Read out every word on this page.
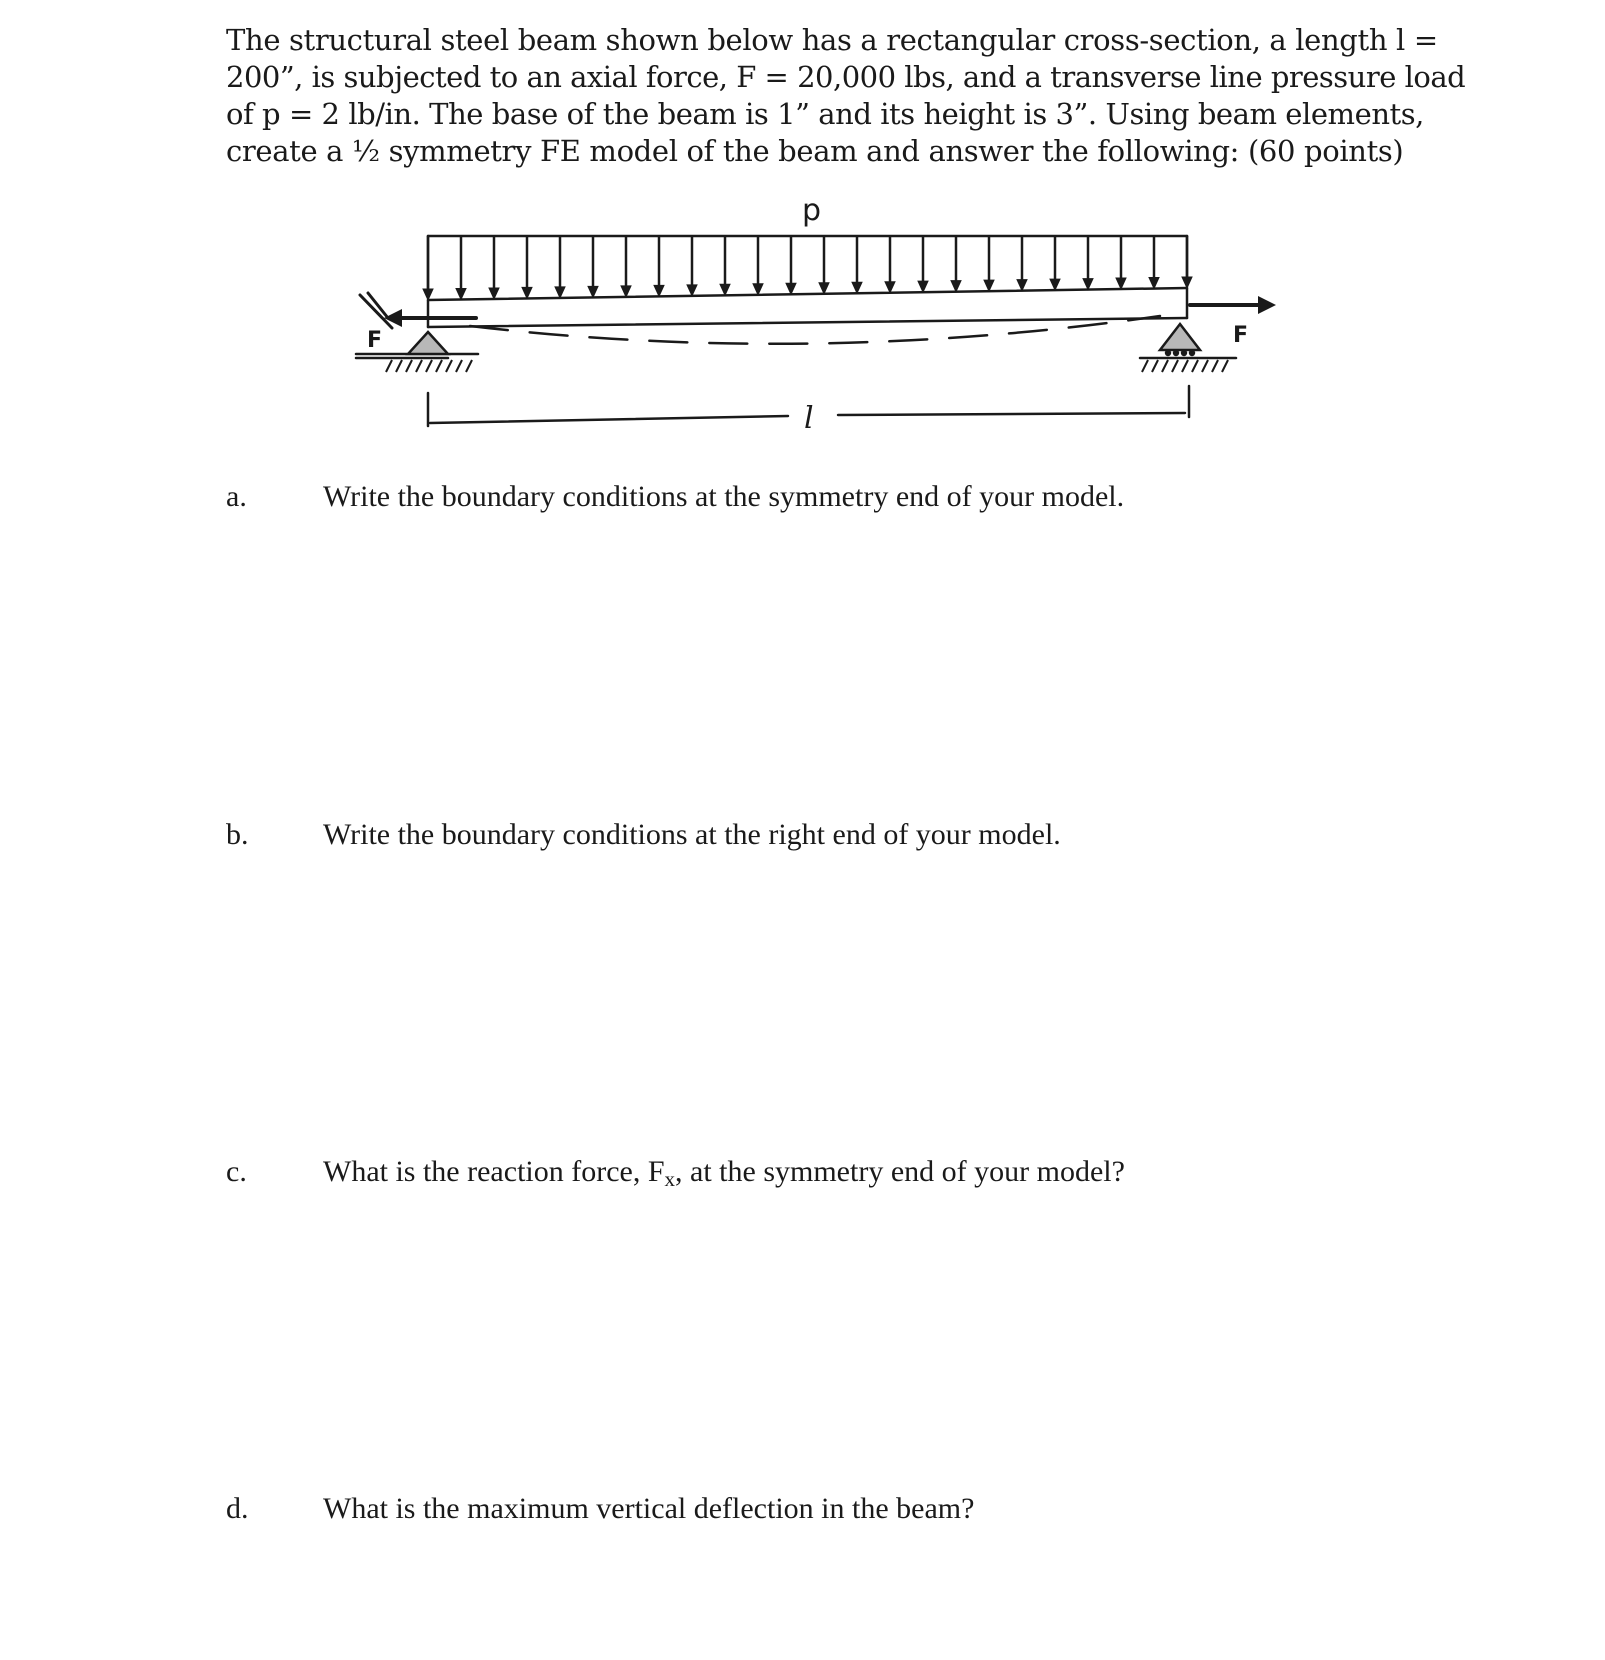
The structural steel beam shown below has a rectangular cross-section, a length l =
200”, is subjected to an axial force, F = 20,000 lbs, and a transverse line pressure load
of p = 2 lb/in. The base of the beam is 1” and its height is 3”. Using beam elements,
create a ½ symmetry FE model of the beam and answer the following: (60 points)

F	F
p
l
a.	Write the boundary conditions at the symmetry end of your model.
b. Write the boundary conditions at the right end of your model.
c.	What is the reaction force, $F_x$, at the symmetry end of your model?
d. What is the maximum vertical deflection in the beam?
